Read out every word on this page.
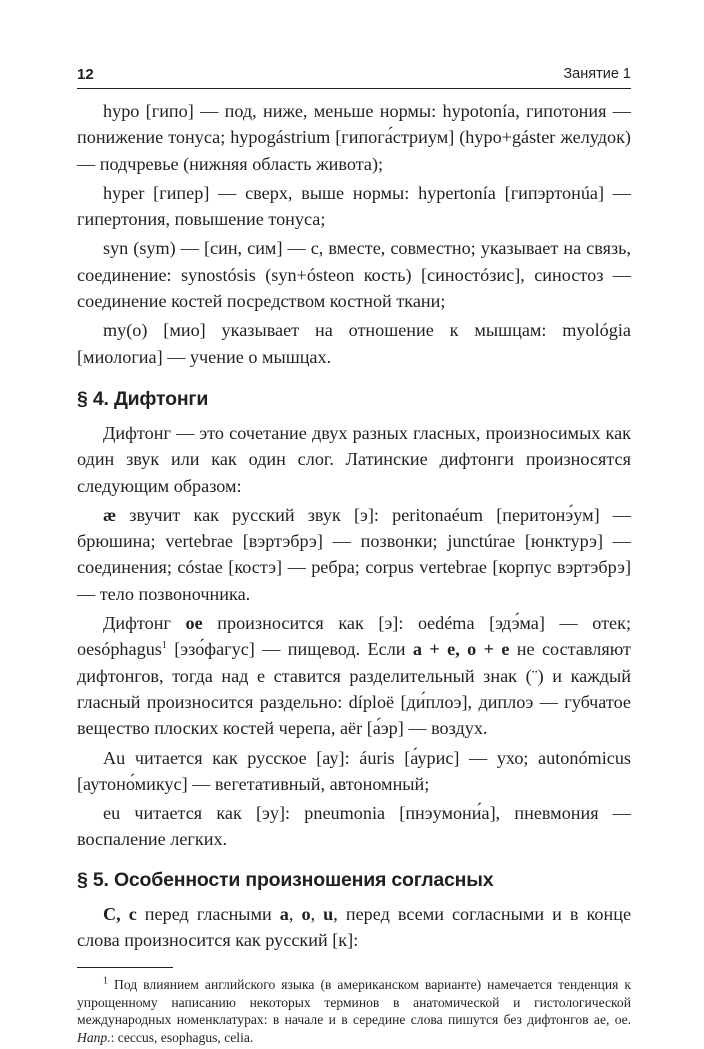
12	Занятие 1

hypo [гипо] — под, ниже, меньше нормы: hypotonía, гипотония — понижение тонуса; hypogástrium [гипога́стриум] (hypo+gáster желудок) — подчревье (нижняя область живота);

hyper [гипер] — сверх, выше нормы: hypertonía [гипэртонúа] — гипертония, повышение тонуса;

syn (sym) — [син, сим] — с, вместе, совместно; указывает на связь, соединение: synostósis (syn+ósteon кость) [синостóзис], синостоз — соединение костей посредством костной ткани;

my(o) [мио] указывает на отношение к мышцам: myológia [миологиа] — учение о мышцах.

§ 4. Дифтонги

Дифтонг — это сочетание двух разных гласных, произносимых как один звук или как один слог. Латинские дифтонги произносятся следующим образом:

æ звучит как русский звук [э]: peritonaéum [перитонэ́ум] — брюшина; vertebrae [вэртэбрэ] — позвонки; junctúrae [юнктурэ] — соединения; cóstae [костэ] — ребра; corpus vertebrae [корпус вэртэбрэ] — тело позвоночника.

Дифтонг oe произносится как [э]: oedéma [эдэ́ма] — отек; oesóphagus$^1$ [эзо́фагус] — пищевод. Если a + e, o + e не составляют дифтонгов, тогда над e ставится разделительный знак (¨) и каждый гласный произносится раздельно: díploë [ди́плоэ], диплоэ — губчатое вещество плоских костей черепа, aër [а́эр] — воздух.

Au читается как русское [ау]: áuris [а́урис] — ухо; autonómicus [аутоно́микус] — вегетативный, автономный;

eu читается как [эу]: pneumonia [пнэумони́а], пневмония — воспаление легких.

§ 5. Особенности произношения согласных

С, с перед гласными a, o, u, перед всеми согласными и в конце слова произносится как русский [к]:

$^1$ Под влиянием английского языка (в американском варианте) намечается тенденция к упрощенному написанию некоторых терминов в анатомической и гистологической международных номенклатурах: в начале и в середине слова пишутся без дифтонгов ae, oe. Напр.: ceccus, esophagus, celia.
